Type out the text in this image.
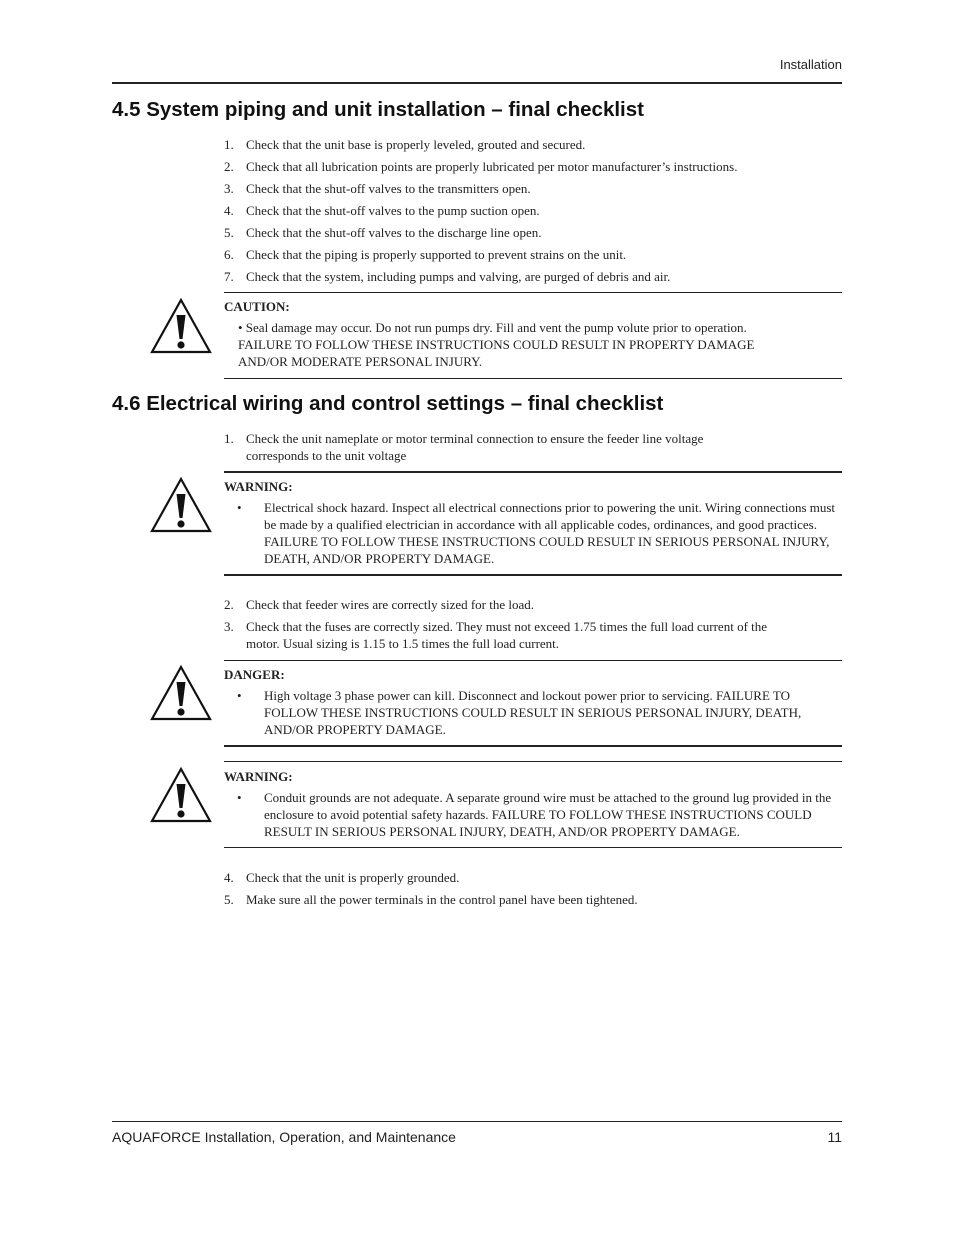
Installation
4.5 System piping and unit installation – final checklist
1. Check that the unit base is properly leveled, grouted and secured.
2. Check that all lubrication points are properly lubricated per motor manufacturer’s instructions.
3. Check that the shut-off valves to the transmitters open.
4. Check that the shut-off valves to the pump suction open.
5. Check that the shut-off valves to the discharge line open.
6. Check that the piping is properly supported to prevent strains on the unit.
7. Check that the system, including pumps and valving, are purged of debris and air.
CAUTION:
• Seal damage may occur. Do not run pumps dry. Fill and vent the pump volute prior to operation.
FAILURE TO FOLLOW THESE INSTRUCTIONS COULD RESULT IN PROPERTY DAMAGE
AND/OR MODERATE PERSONAL INJURY.
4.6 Electrical wiring and control settings – final checklist
1. Check the unit nameplate or motor terminal connection to ensure the feeder line voltage corresponds to the unit voltage
WARNING:
•	Electrical shock hazard. Inspect all electrical connections prior to powering the unit. Wiring connections must be made by a qualified electrician in accordance with all applicable codes, ordinances, and good practices. FAILURE TO FOLLOW THESE INSTRUCTIONS COULD RESULT IN SERIOUS PERSONAL INJURY, DEATH, AND/OR PROPERTY DAMAGE.
2. Check that feeder wires are correctly sized for the load.
3. Check that the fuses are correctly sized. They must not exceed 1.75 times the full load current of the motor. Usual sizing is 1.15 to 1.5 times the full load current.
DANGER:
•	High voltage 3 phase power can kill. Disconnect and lockout power prior to servicing. FAILURE TO FOLLOW THESE INSTRUCTIONS COULD RESULT IN SERIOUS PERSONAL INJURY, DEATH, AND/OR PROPERTY DAMAGE.
WARNING:
•	Conduit grounds are not adequate. A separate ground wire must be attached to the ground lug provided in the enclosure to avoid potential safety hazards. FAILURE TO FOLLOW THESE INSTRUCTIONS COULD RESULT IN SERIOUS PERSONAL INJURY, DEATH, AND/OR PROPERTY DAMAGE.
4. Check that the unit is properly grounded.
5. Make sure all the power terminals in the control panel have been tightened.
AQUAFORCE Installation, Operation, and Maintenance	11
